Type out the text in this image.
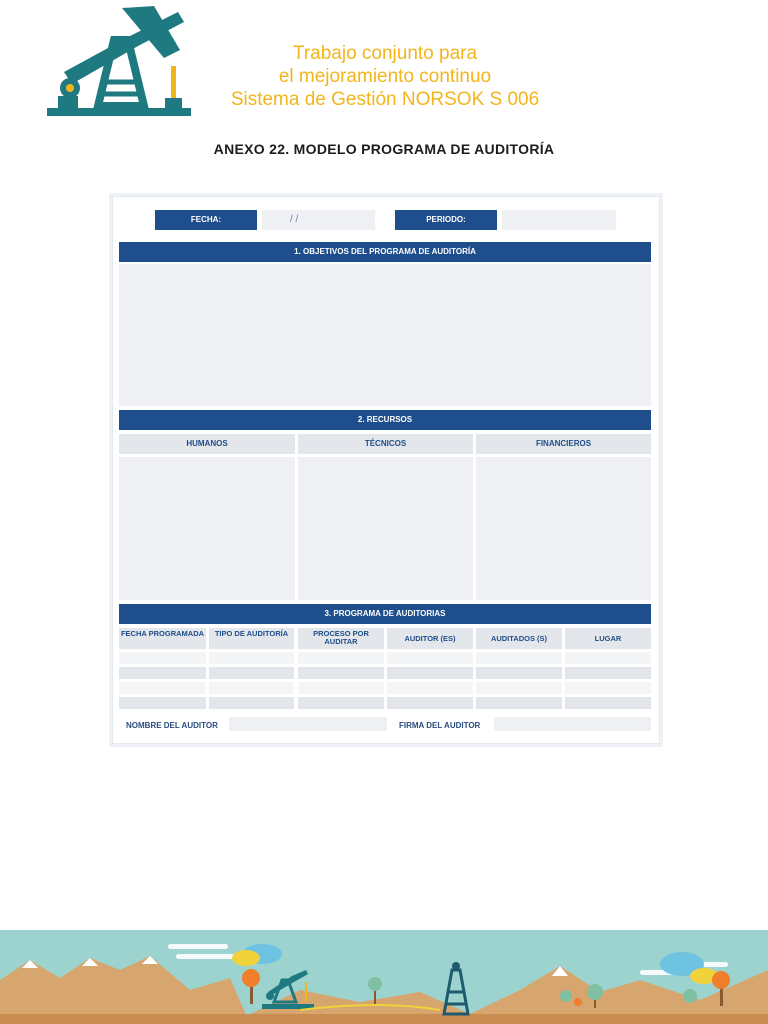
Trabajo conjunto para
el mejoramiento continuo
Sistema de Gestión NORSOK S 006
ANEXO 22. MODELO PROGRAMA DE AUDITORÍA
FECHA:	/ /	PERIODO:
1. OBJETIVOS DEL PROGRAMA DE AUDITORÍA
2. RECURSOS
HUMANOS	TÉCNICOS	FINANCIEROS
3. PROGRAMA DE AUDITORIAS
FECHA PROGRAMADA	TIPO DE AUDITORÍA	PROCESO POR AUDITAR	AUDITOR (ES)	AUDITADOS (S)	LUGAR
NOMBRE DEL AUDITOR	FIRMA DEL AUDITOR
